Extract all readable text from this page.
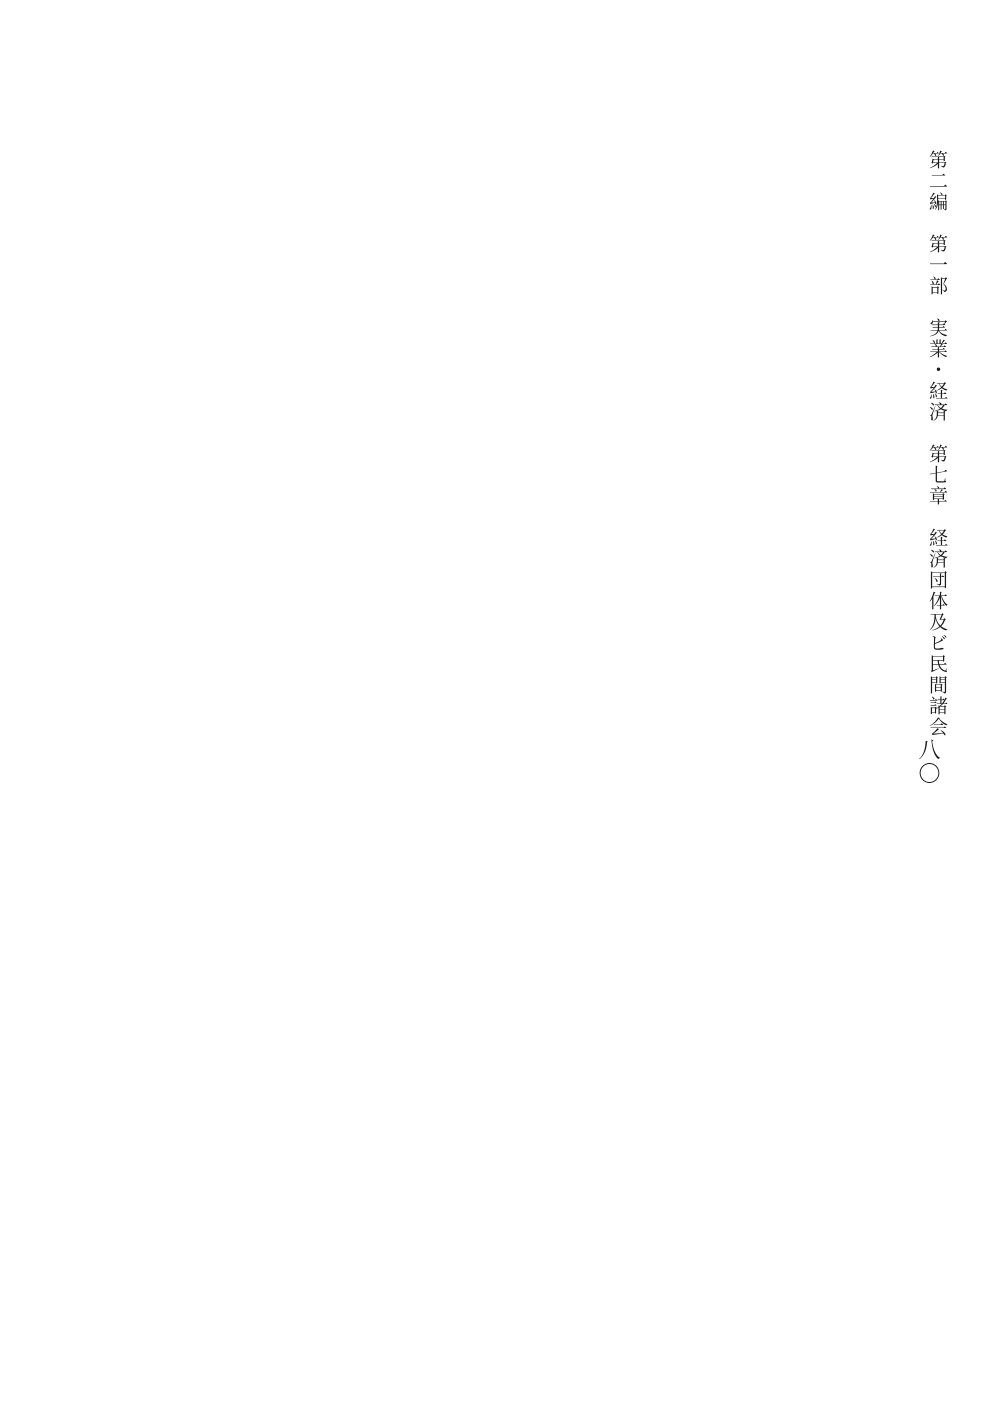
第二編　第一部　実業・経済　第七章　経済団体及ビ民間諸会
八〇
